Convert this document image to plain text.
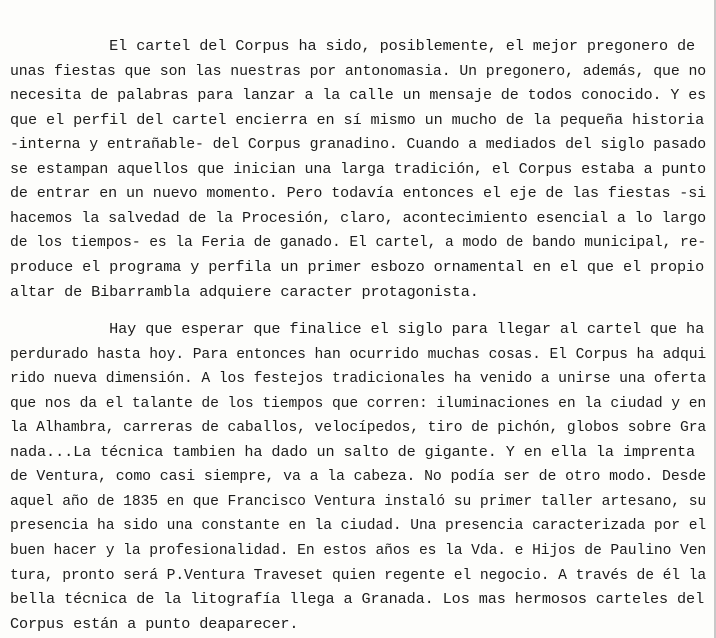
El cartel del Corpus ha sido, posiblemente, el mejor pregonero de
unas fiestas que son las nuestras por antonomasia. Un pregonero, además, que no
necesita de palabras para lanzar a la calle un mensaje de todos conocido. Y es
que el perfil del cartel encierra en sí mismo un mucho de la pequeña historia
-interna y entrañable- del Corpus granadino. Cuando a mediados del siglo pasado
se estampan aquellos que inician una larga tradición, el Corpus estaba a punto
de entrar en un nuevo momento. Pero todavía entonces el eje de las fiestas -si
hacemos la salvedad de la Procesión, claro, acontecimiento esencial a lo largo
de los tiempos- es la Feria de ganado. El cartel, a modo de bando municipal, re-
produce el programa y perfila un primer esbozo ornamental en el que el propio
altar de Bibarrambla adquiere caracter protagonista.
Hay que esperar que finalice el siglo para llegar al cartel que ha
perdurado hasta hoy. Para entonces han ocurrido muchas cosas. El Corpus ha adqui
rido nueva dimensión. A los festejos tradicionales ha venido a unirse una oferta
que nos da el talante de los tiempos que corren: iluminaciones en la ciudad y en
la Alhambra, carreras de caballos, velocípedos, tiro de pichón, globos sobre Gra
nada...La técnica tambien ha dado un salto de gigante. Y en ella la imprenta
de Ventura, como casi siempre, va a la cabeza. No podía ser de otro modo. Desde
aquel año de 1835 en que Francisco Ventura instaló su primer taller artesano, su
presencia ha sido una constante en la ciudad. Una presencia caracterizada por el
buen hacer y la profesionalidad. En estos años es la Vda. e Hijos de Paulino Ven
tura, pronto será P.Ventura Traveset quien regente el negocio. A través de él la
bella técnica de la litografía llega a Granada. Los mas hermosos carteles del
Corpus están a punto deaparecer.
